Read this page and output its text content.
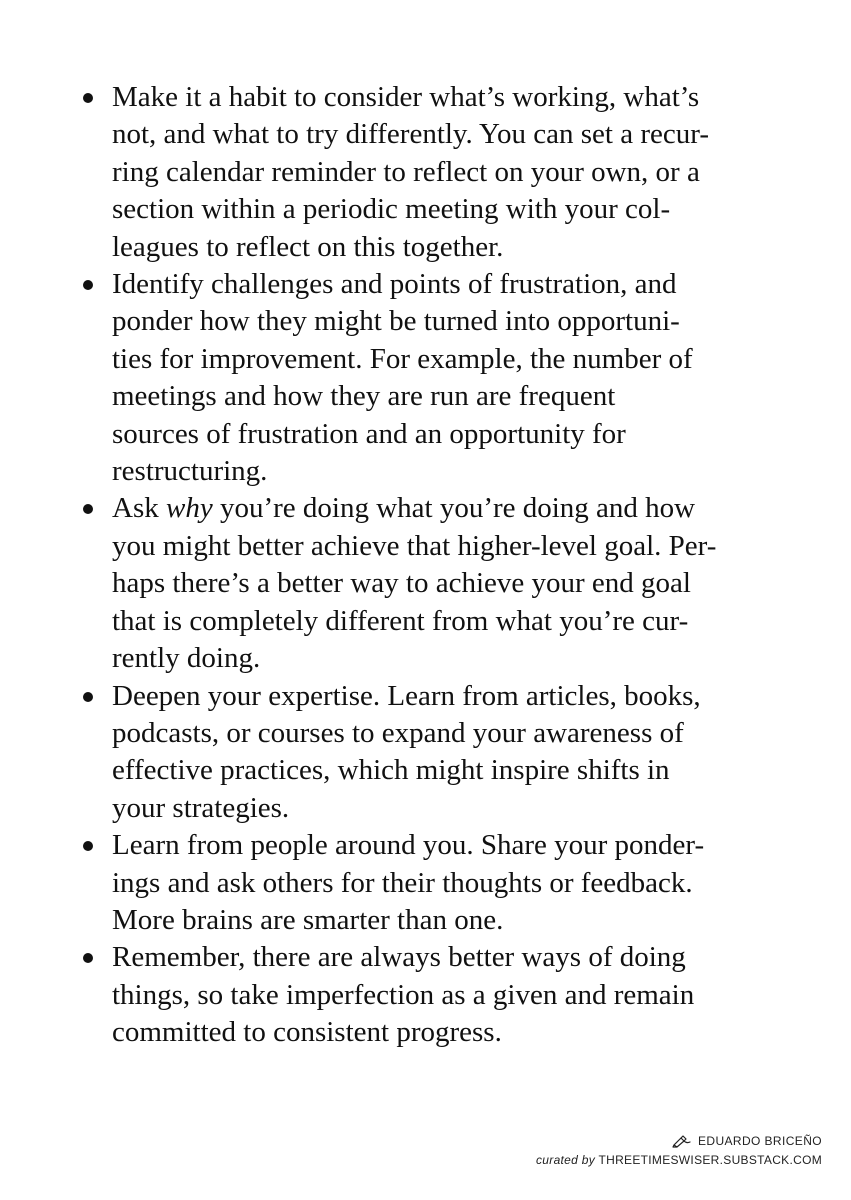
Make it a habit to consider what’s working, what’s
not, and what to try differently. You can set a recur-
ring calendar reminder to reflect on your own, or a
section within a periodic meeting with your col-
leagues to reflect on this together.
Identify challenges and points of frustration, and
ponder how they might be turned into opportuni-
ties for improvement. For example, the number of
meetings and how they are run are frequent
sources of frustration and an opportunity for
restructuring.
Ask why you’re doing what you’re doing and how
you might better achieve that higher-level goal. Per-
haps there’s a better way to achieve your end goal
that is completely different from what you’re cur-
rently doing.
Deepen your expertise. Learn from articles, books,
podcasts, or courses to expand your awareness of
effective practices, which might inspire shifts in
your strategies.
Learn from people around you. Share your ponder-
ings and ask others for their thoughts or feedback.
More brains are smarter than one.
Remember, there are always better ways of doing
things, so take imperfection as a given and remain
committed to consistent progress.
EDUARDO BRICEÑO
curated by THREETIMESWISER.SUBSTACK.COM
